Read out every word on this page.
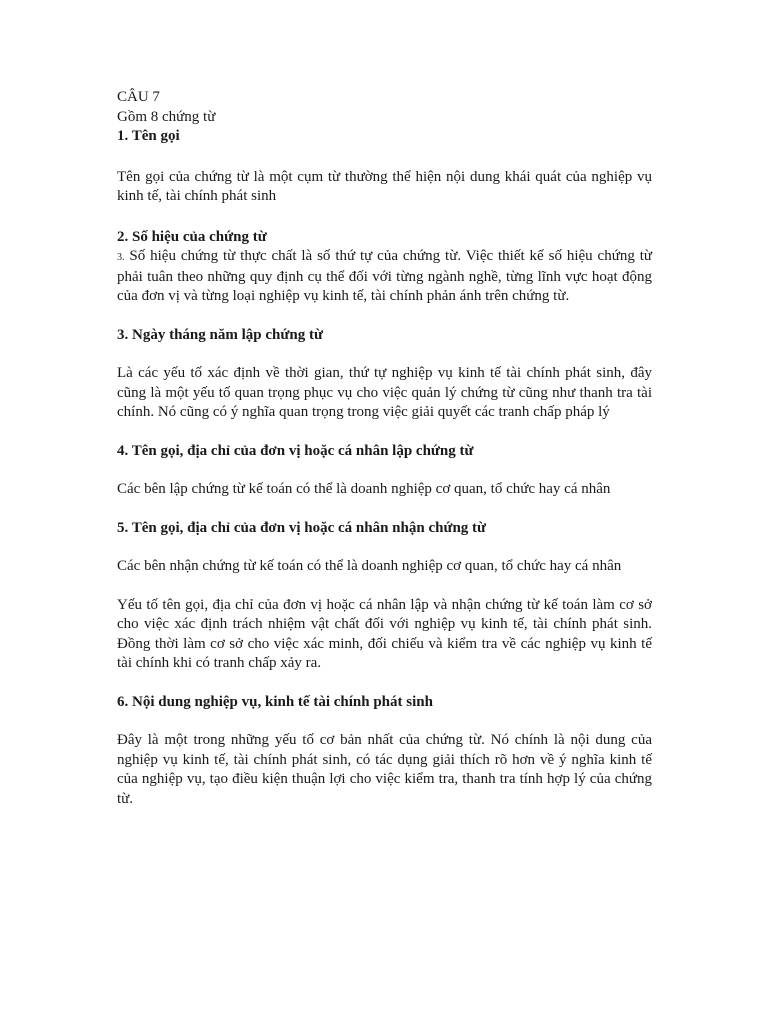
CÂU 7

Gồm 8 chứng từ

1. Tên gọi

Tên gọi của chứng từ là một cụm từ thường thể hiện nội dung khái quát của nghiệp vụ kinh tế, tài chính phát sinh

2. Số hiệu của chứng từ

3. Số hiệu chứng từ thực chất là số thứ tự của chứng từ. Việc thiết kế số hiệu chứng từ phải tuân theo những quy định cụ thể đối với từng ngành nghề, từng lĩnh vực hoạt động của đơn vị và từng loại nghiệp vụ kinh tế, tài chính phản ánh trên chứng từ.

3. Ngày tháng năm lập chứng từ

Là các yếu tố xác định về thời gian, thứ tự nghiệp vụ kinh tế tài chính phát sinh, đây cũng là một yếu tố quan trọng phục vụ cho việc quản lý chứng từ cũng như thanh tra tài chính. Nó cũng có ý nghĩa quan trọng trong việc giải quyết các tranh chấp pháp lý

4. Tên gọi, địa chỉ của đơn vị hoặc cá nhân lập chứng từ

Các bên lập chứng từ kế toán có thể là doanh nghiệp cơ quan, tổ chức hay cá nhân

5. Tên gọi, địa chỉ của đơn vị hoặc cá nhân nhận chứng từ

Các bên nhận chứng từ kế toán có thể là doanh nghiệp cơ quan, tổ chức hay cá nhân

Yếu tố tên gọi, địa chỉ của đơn vị hoặc cá nhân lập và nhận chứng từ kế toán làm cơ sở cho việc xác định trách nhiệm vật chất đối với nghiệp vụ kinh tế, tài chính phát sinh. Đồng thời làm cơ sở cho việc xác minh, đối chiếu và kiểm tra về các nghiệp vụ kinh tế tài chính khi có tranh chấp xảy ra.

6. Nội dung nghiệp vụ, kinh tế tài chính phát sinh

Đây là một trong những yếu tố cơ bản nhất của chứng từ. Nó chính là nội dung của nghiệp vụ kinh tế, tài chính phát sinh, có tác dụng giải thích rõ hơn về ý nghĩa kinh tế của nghiệp vụ, tạo điều kiện thuận lợi cho việc kiểm tra, thanh tra tính hợp lý của chứng từ.
